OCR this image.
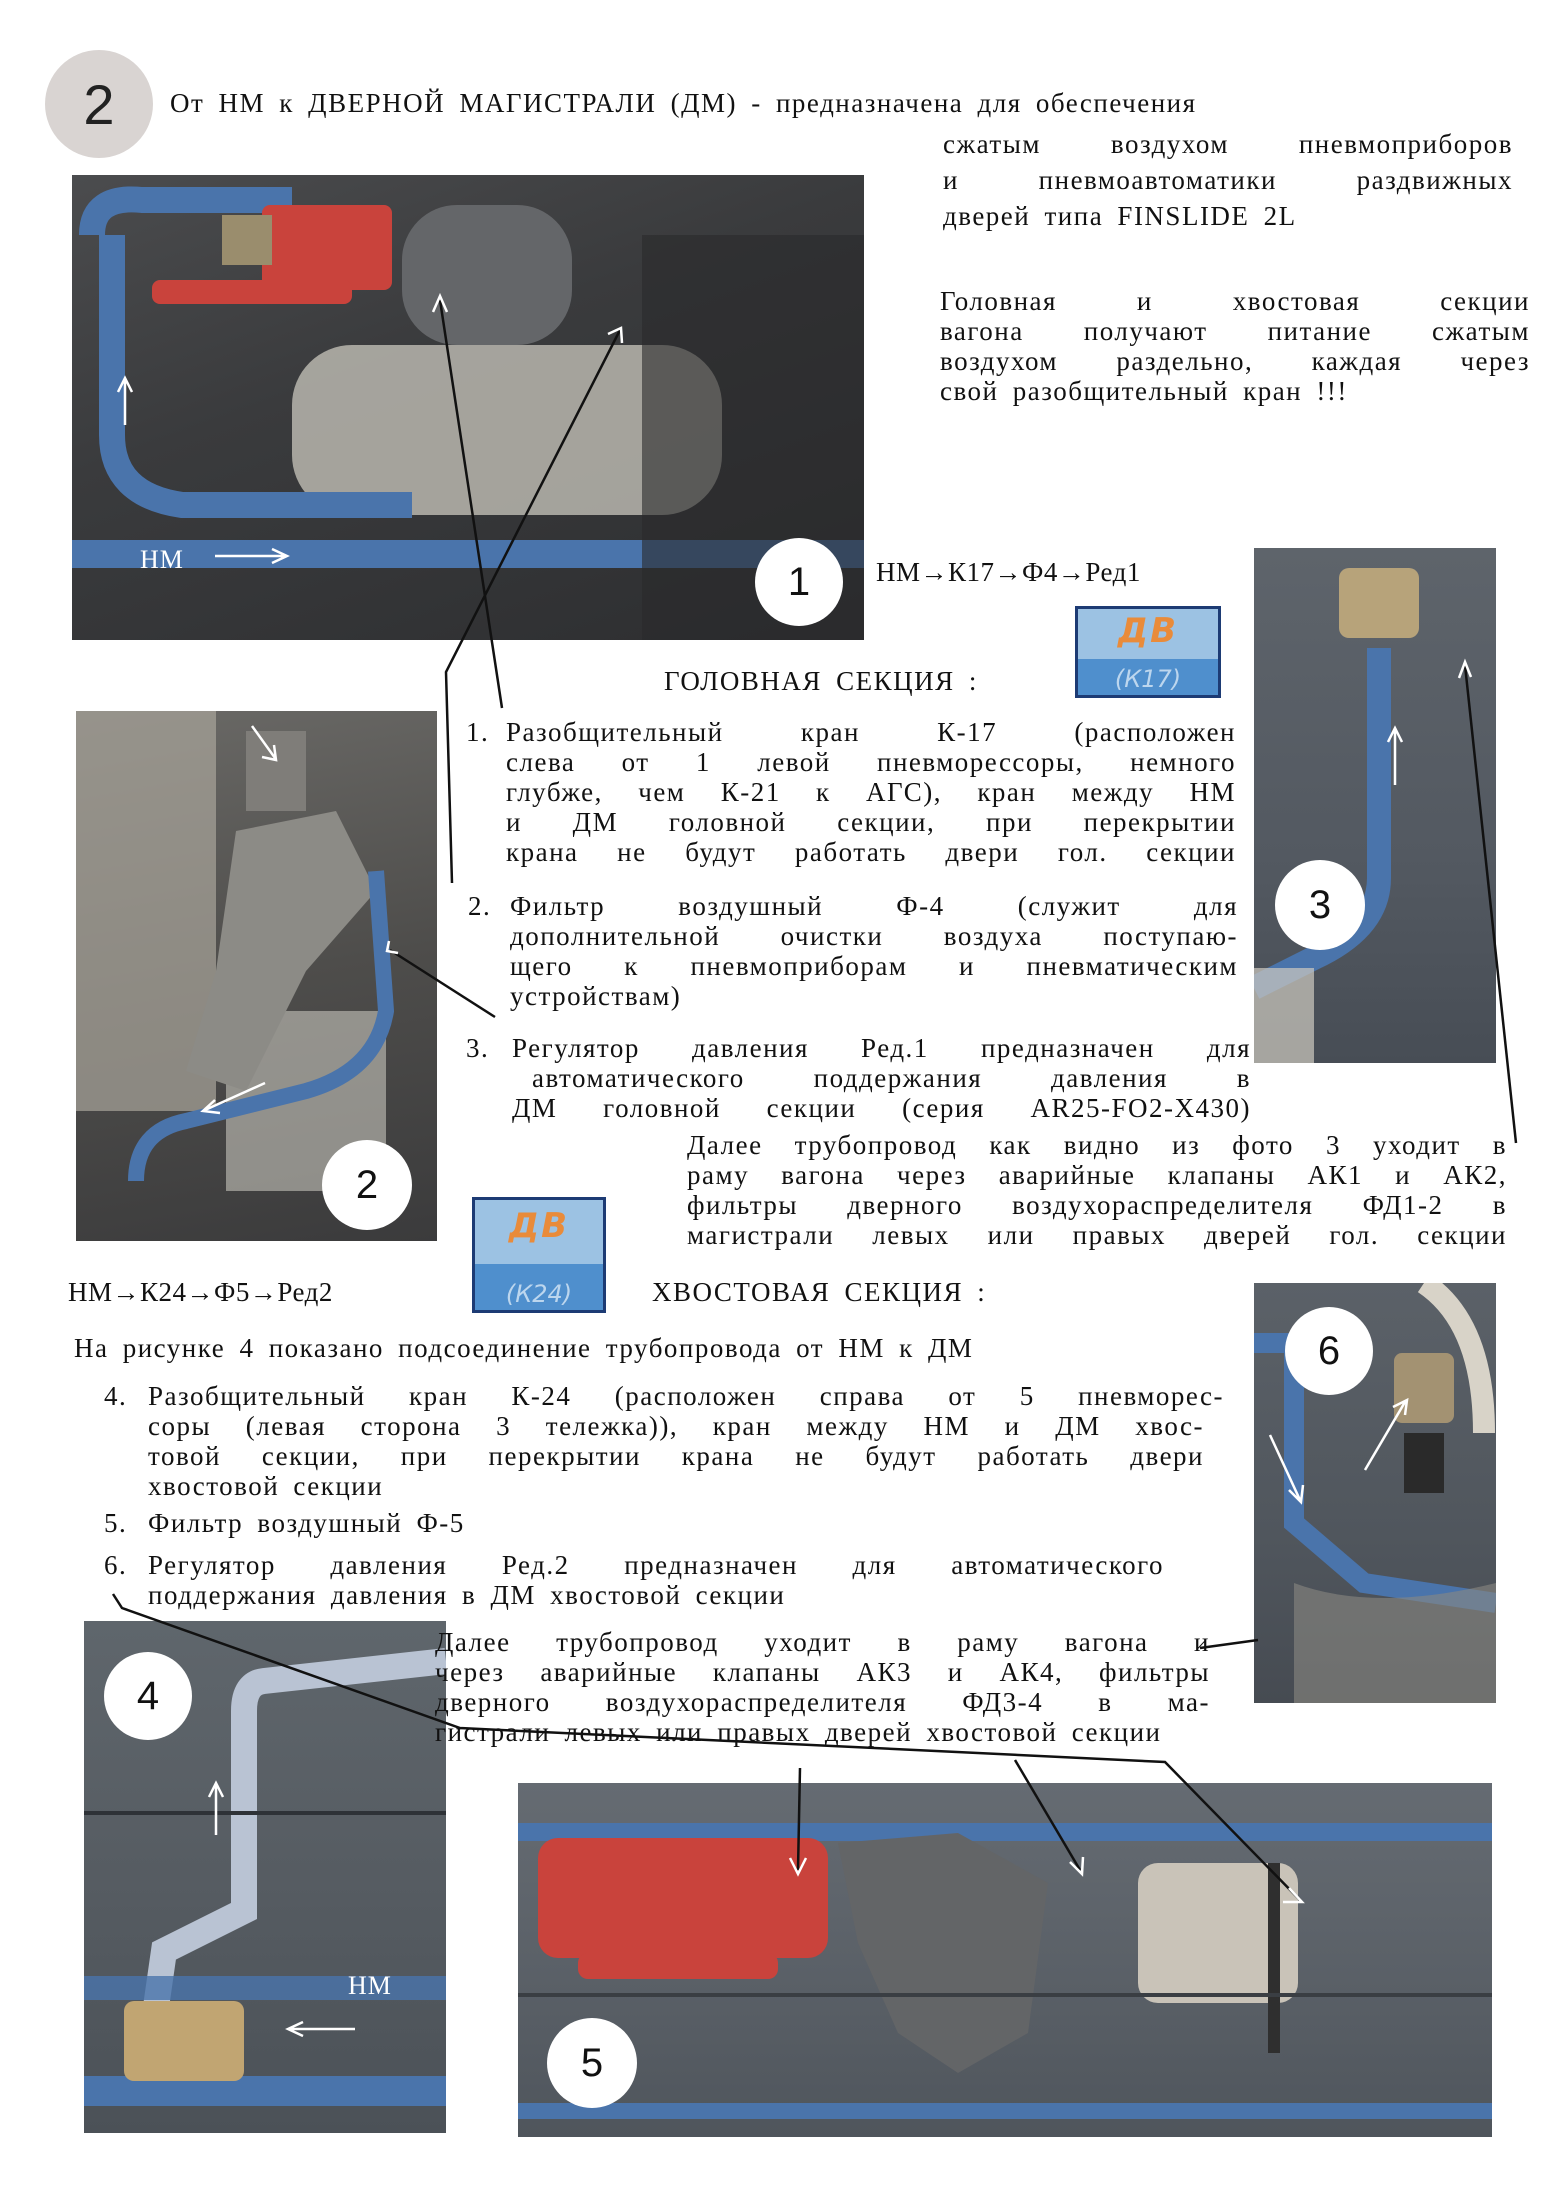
2	От НМ к ДВЕРНОЙ МАГИСТРАЛИ (ДМ) - предназначена для обеспечения
сжатым воздухом пневмоприборов
и пневмоавтоматики раздвижных
дверей типа FINSLIDE 2L
Головная и хвостовая секции
вагона получают питание сжатым
воздухом раздельно, каждая через
свой разобщительный кран !!!
НМ	1	НМ→К17→Ф4→Ред1
ДВ
(К17)
ГОЛОВНАЯ СЕКЦИЯ :
2
1. Разобщительный кран К-17 (расположен
слева от 1 левой пневморессоры, немного
глубже, чем К-21 к АГС), кран между НМ
и ДМ головной секции, при перекрытии
крана не будут работать двери гол. секции
2. Фильтр воздушный Ф-4 (служит для
дополнительной очистки воздуха поступаю-
щего к пневмоприборам и пневматическим
устройствам)
3. Регулятор давления Ред.1 предназначен для
автоматического поддержания давления в
ДМ головной секции (серия AR25-FO2-X430)
3
Далее трубопровод как видно из фото 3 уходит в
раму вагона через аварийные клапаны АК1 и АК2,
фильтры дверного воздухораспределителя ФД1-2 в
магистрали левых или правых дверей гол. секции
НМ→К24→Ф5→Ред2
ДВ
(К24)	ХВОСТОВАЯ СЕКЦИЯ :
6
На рисунке 4 показано подсоединение трубопровода от НМ к ДМ
4. Разобщительный кран К-24 (расположен справа от 5 пневморес-
соры (левая сторона 3 тележка)), кран между НМ и ДМ хвос-
товой секции, при перекрытии крана не будут работать двери
хвостовой секции
5. Фильтр воздушный Ф-5
6. Регулятор давления Ред.2 предназначен для автоматического
поддержания давления в ДМ хвостовой секции
НМ
4
Далее трубопровод уходит в раму вагона и
через аварийные клапаны АК3 и АК4, фильтры
дверного воздухораспределителя ФД3-4 в ма-
гистрали левых или правых дверей хвостовой секции
5
